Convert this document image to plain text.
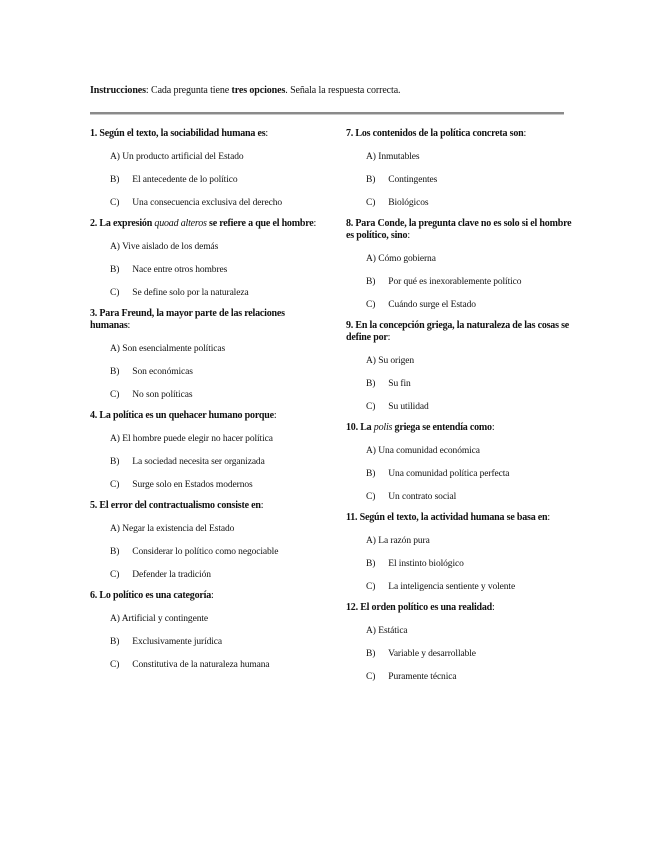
Instrucciones: Cada pregunta tiene tres opciones. Señala la respuesta correcta.

1. Según el texto, la sociabilidad humana es:

A) Un producto artificial del Estado

B) El antecedente de lo político

C) Una consecuencia exclusiva del derecho

2. La expresión quoad alteros se refiere a que el hombre:

A) Vive aislado de los demás

B) Nace entre otros hombres

C) Se define solo por la naturaleza

3. Para Freund, la mayor parte de las relaciones humanas:

A) Son esencialmente políticas

B) Son económicas

C) No son políticas

4. La política es un quehacer humano porque:

A) El hombre puede elegir no hacer política

B) La sociedad necesita ser organizada

C) Surge solo en Estados modernos

5. El error del contractualismo consiste en:

A) Negar la existencia del Estado

B) Considerar lo político como negociable

C) Defender la tradición

6. Lo político es una categoría:

A) Artificial y contingente

B) Exclusivamente jurídica

C) Constitutiva de la naturaleza humana

7. Los contenidos de la política concreta son:

A) Inmutables

B) Contingentes

C) Biológicos

8. Para Conde, la pregunta clave no es solo si el hombre es político, sino:

A) Cómo gobierna

B) Por qué es inexorablemente político

C) Cuándo surge el Estado

9. En la concepción griega, la naturaleza de las cosas se define por:

A) Su origen

B) Su fin

C) Su utilidad

10. La polis griega se entendía como:

A) Una comunidad económica

B) Una comunidad política perfecta

C) Un contrato social

11. Según el texto, la actividad humana se basa en:

A) La razón pura

B) El instinto biológico

C) La inteligencia sentiente y volente

12. El orden político es una realidad:

A) Estática

B) Variable y desarrollable

C) Puramente técnica
